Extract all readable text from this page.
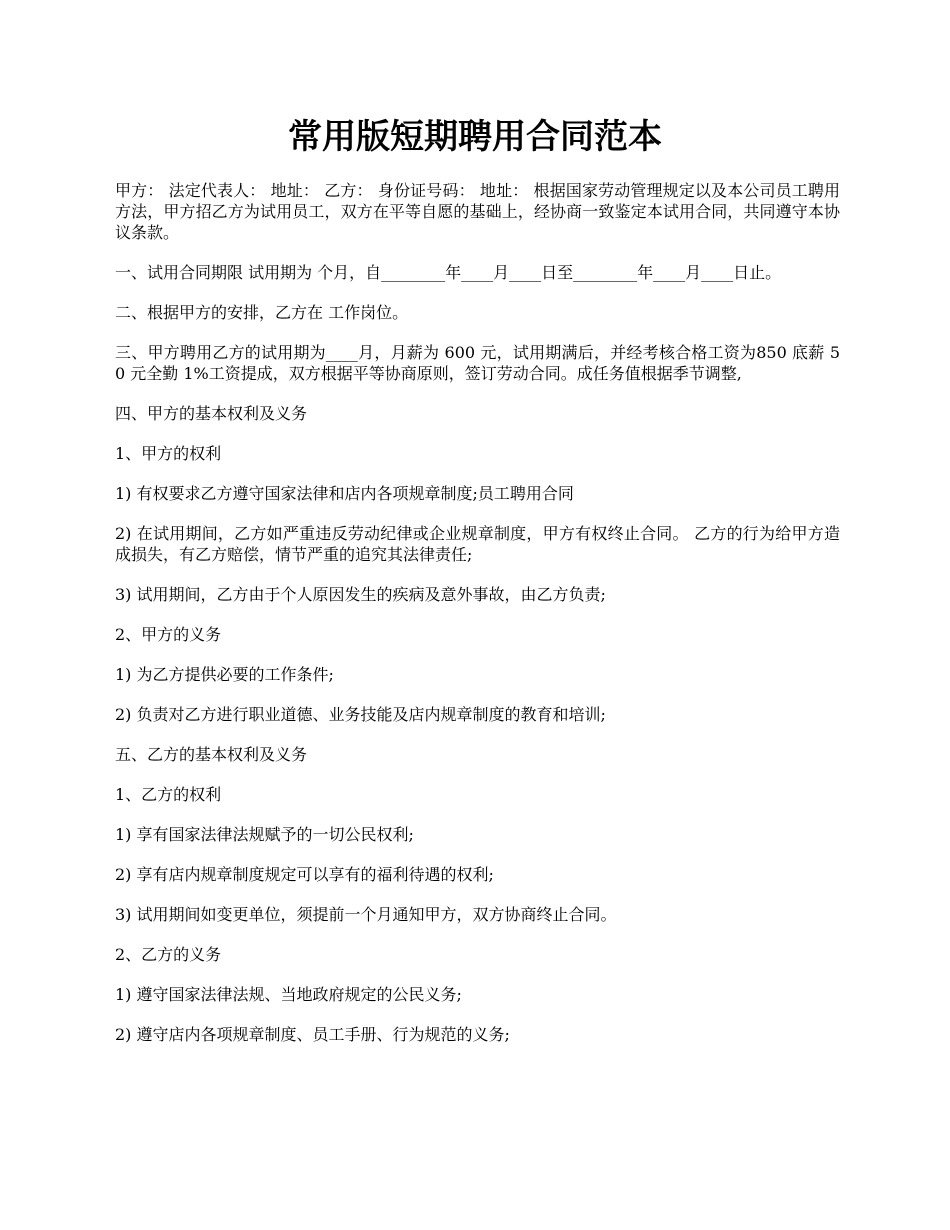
常用版短期聘用合同范本

甲方： 法定代表人： 地址： 乙方： 身份证号码： 地址： 根据国家劳动管理规定以及本公司员工聘用方法，甲方招乙方为试用员工，双方在平等自愿的基础上，经协商一致鉴定本试用合同，共同遵守本协议条款。

一、试用合同期限 试用期为 个月，自________年____月____日至________年____月____日止。

二、根据甲方的安排，乙方在 工作岗位。

三、甲方聘用乙方的试用期为____月，月薪为 600 元，试用期满后，并经考核合格工资为850 底薪 50 元全勤 1%工资提成，双方根据平等协商原则，签订劳动合同。成任务值根据季节调整,

四、甲方的基本权利及义务

1、甲方的权利

1) 有权要求乙方遵守国家法律和店内各项规章制度;员工聘用合同

2) 在试用期间，乙方如严重违反劳动纪律或企业规章制度，甲方有权终止合同。 乙方的行为给甲方造成损失，有乙方赔偿，情节严重的追究其法律责任;

3) 试用期间，乙方由于个人原因发生的疾病及意外事故，由乙方负责;

2、甲方的义务

1) 为乙方提供必要的工作条件;

2) 负责对乙方进行职业道德、业务技能及店内规章制度的教育和培训;

五、乙方的基本权利及义务

1、乙方的权利

1) 享有国家法律法规赋予的一切公民权利;

2) 享有店内规章制度规定可以享有的福利待遇的权利;

3) 试用期间如变更单位，须提前一个月通知甲方，双方协商终止合同。

2、乙方的义务

1) 遵守国家法律法规、当地政府规定的公民义务;

2) 遵守店内各项规章制度、员工手册、行为规范的义务;
